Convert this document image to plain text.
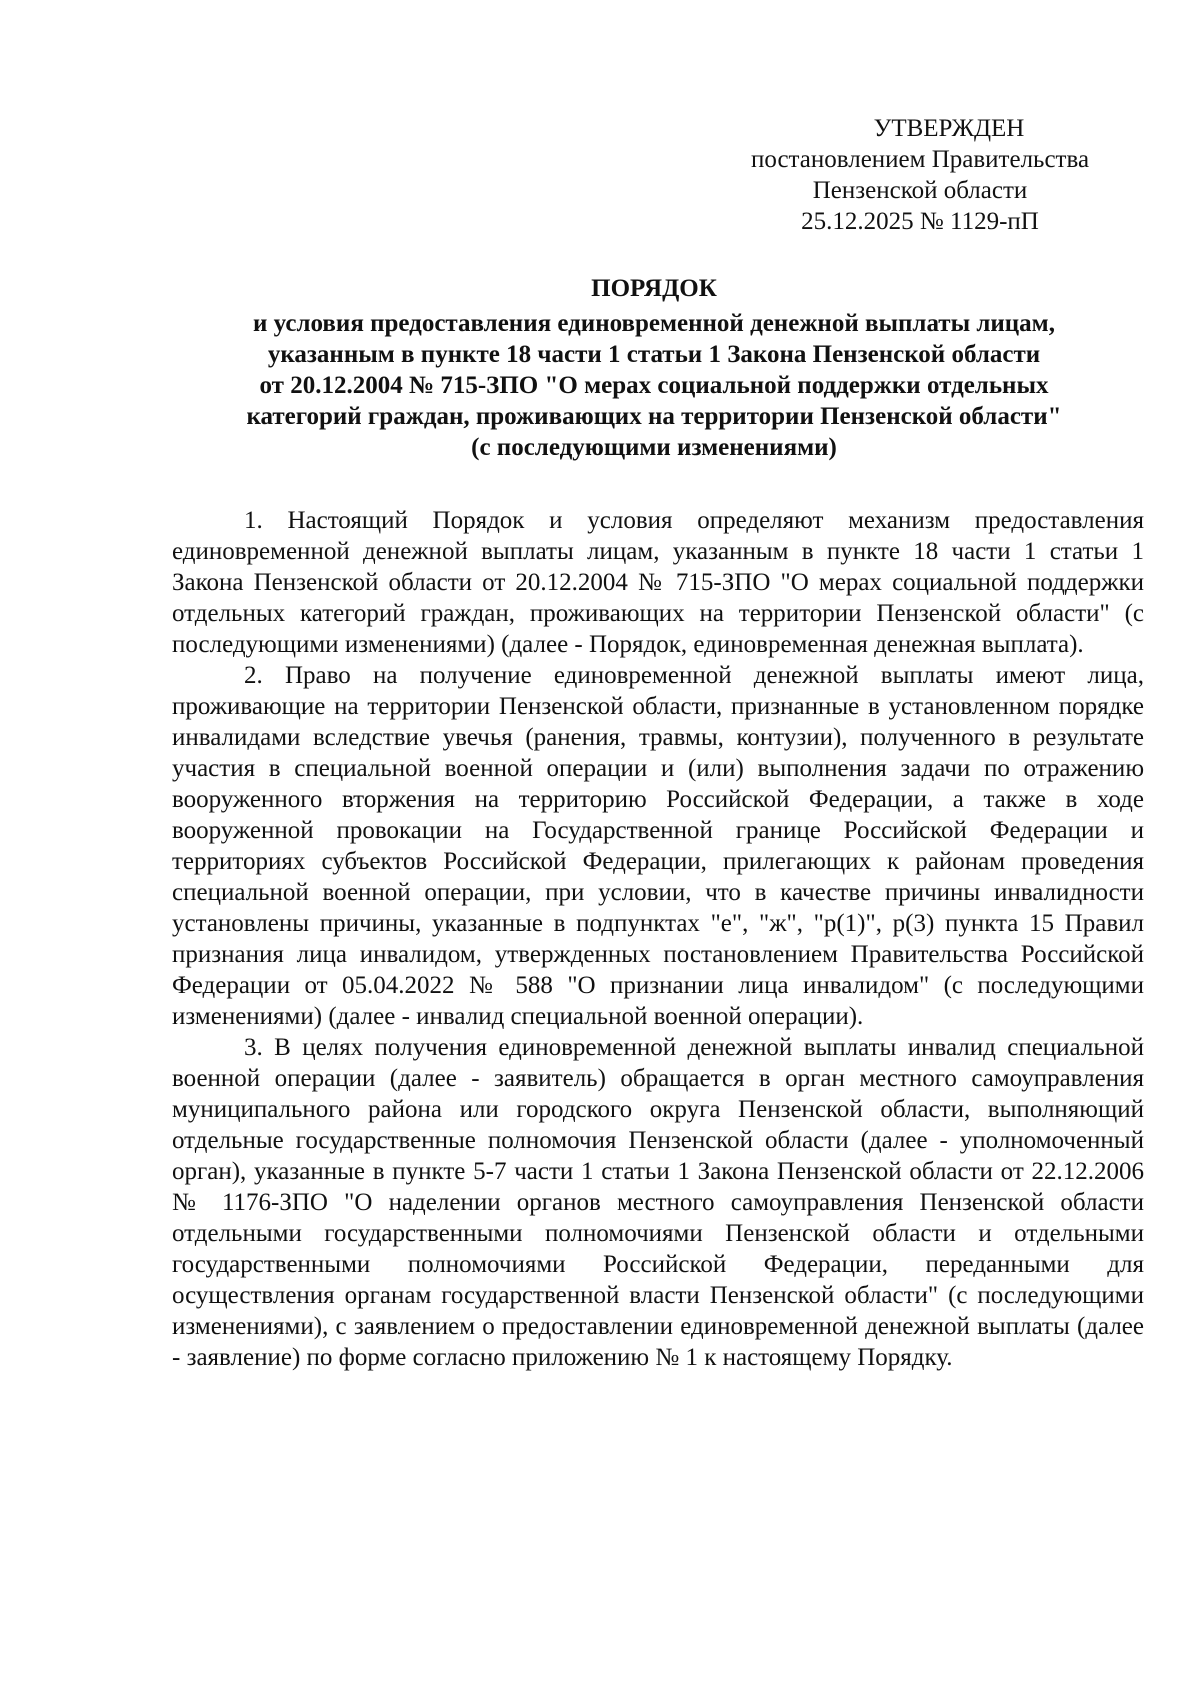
УТВЕРЖДЕН
постановлением Правительства
Пензенской области
25.12.2025 № 1129-пП
ПОРЯДОК
и условия предоставления единовременной денежной выплаты лицам,
указанным в пункте 18 части 1 статьи 1 Закона Пензенской области
от 20.12.2004 № 715-ЗПО "О мерах социальной поддержки отдельных
категорий граждан, проживающих на территории Пензенской области"
(с последующими изменениями)

1. Настоящий Порядок и условия определяют механизм предоставления единовременной денежной выплаты лицам, указанным в пункте 18 части 1 статьи 1 Закона Пензенской области от 20.12.2004 № 715-ЗПО "О мерах социальной поддержки отдельных категорий граждан, проживающих на территории Пензенской области" (с последующими изменениями) (далее - Порядок, единовременная денежная выплата).

2. Право на получение единовременной денежной выплаты имеют лица, проживающие на территории Пензенской области, признанные в установленном порядке инвалидами вследствие увечья (ранения, травмы, контузии), полученного в результате участия в специальной военной операции и (или) выполнения задачи по отражению вооруженного вторжения на территорию Российской Федерации, а также в ходе вооруженной провокации на Государственной границе Российской Федерации и территориях субъектов Российской Федерации, прилегающих к районам проведения специальной военной операции, при условии, что в качестве причины инвалидности установлены причины, указанные в подпунктах "е", "ж", "р(1)", р(3) пункта 15 Правил признания лица инвалидом, утвержденных постановлением Правительства Российской Федерации от 05.04.2022 № 588 "О признании лица инвалидом" (с последующими изменениями) (далее - инвалид специальной военной операции).

3. В целях получения единовременной денежной выплаты инвалид специальной военной операции (далее - заявитель) обращается в орган местного самоуправления муниципального района или городского округа Пензенской области, выполняющий отдельные государственные полномочия Пензенской области (далее - уполномоченный орган), указанные в пункте 5-7 части 1 статьи 1 Закона Пензенской области от 22.12.2006 № 1176-ЗПО "О наделении органов местного самоуправления Пензенской области отдельными государственными полномочиями Пензенской области и отдельными государственными полномочиями Российской Федерации, переданными для осуществления органам государственной власти Пензенской области" (с последующими изменениями), с заявлением о предоставлении единовременной денежной выплаты (далее - заявление) по форме согласно приложению № 1 к настоящему Порядку.
